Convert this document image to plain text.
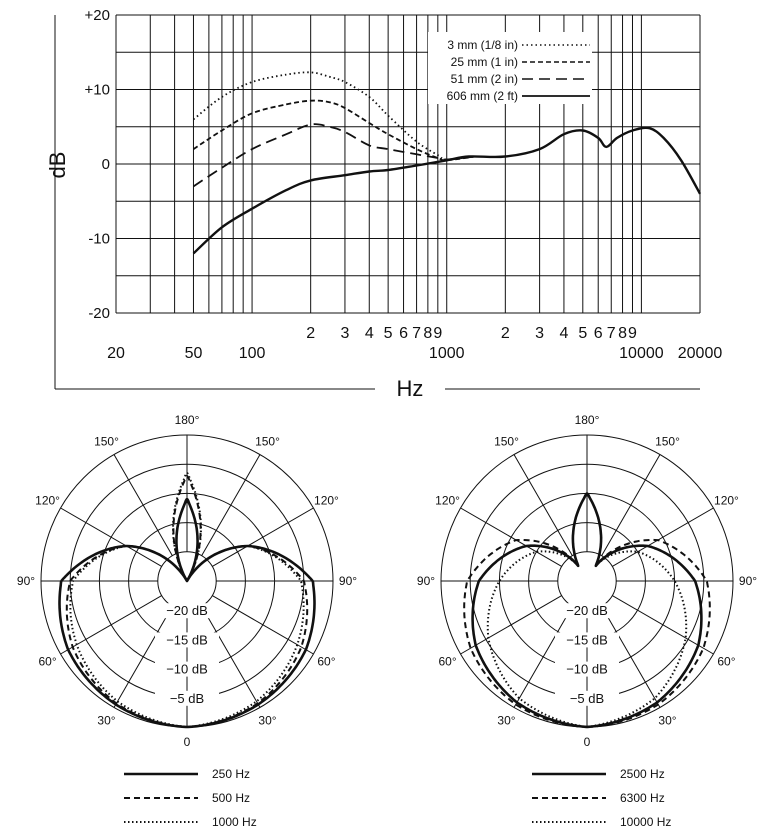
+20
+10
0
-10
-20
20	50 100
2 3 4 5 6 7 8 9
1000
2 3 4 5 6 7 8 9
10000 20000
3 mm (1/8 in)
25 mm (1 in)
51 mm (2 in)
606 mm (2 ft)
dB
Hz
−20 dB
−15 dB
−10 dB
−5 dB
180°
150°	150°
120°	120°
90°	90°
60°	60°
30°	30°
0
250 Hz
500 Hz
1000 Hz
−20 dB
−15 dB
−10 dB
−5 dB
180°
150°	150°
120°	120°
90°	90°
60°	60°
30°	30°
0
2500 Hz
6300 Hz
10000 Hz
